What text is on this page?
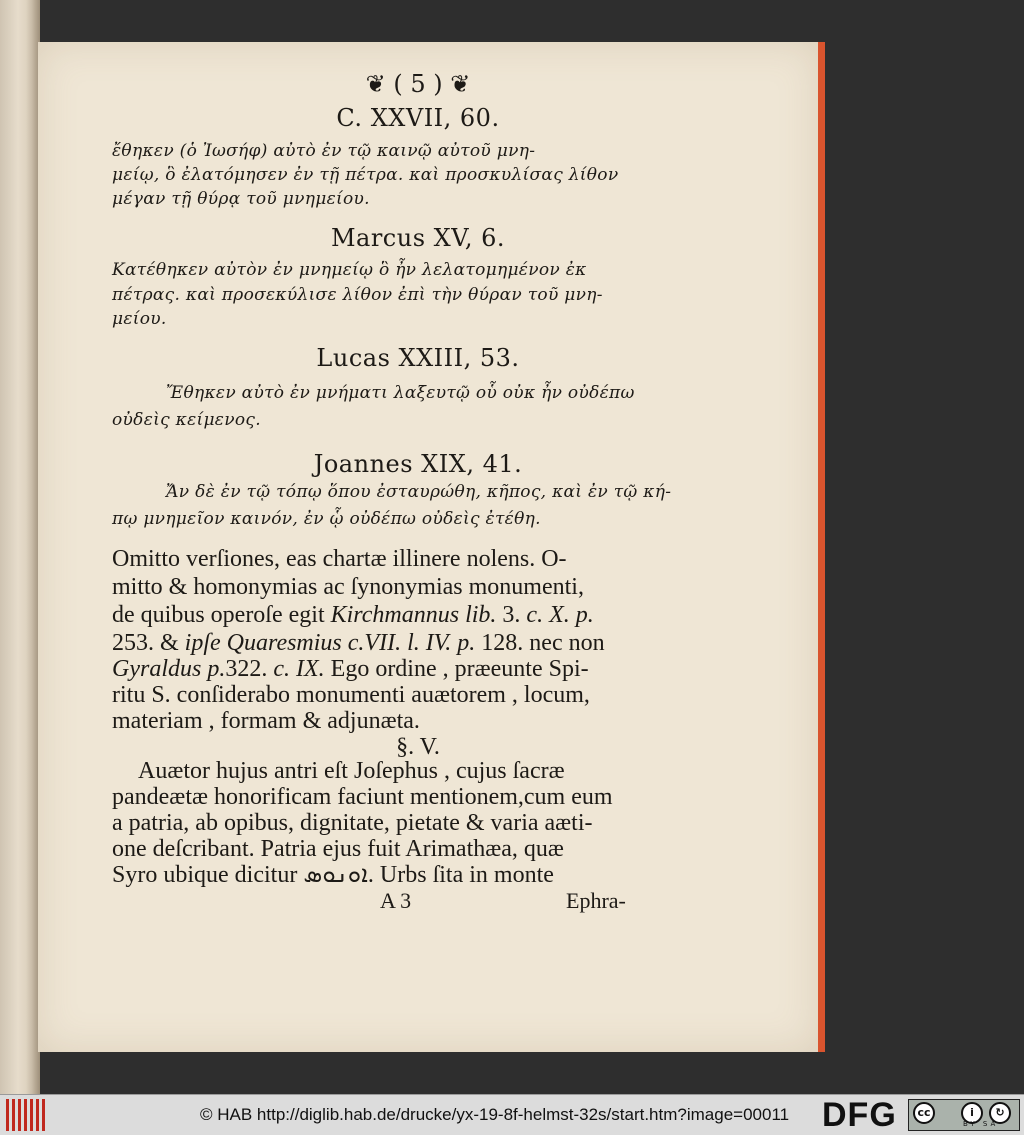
❦ ( 5 ) ❦
C. XXVII, 60.
ἔθηκεν (ὁ Ἰωσήφ) αὐτὸ ἐν τῷ καινῷ αὐτοῦ μνη-
μείῳ, ὃ ἐλατόμησεν ἐν τῇ πέτρα. καὶ προσκυλίσας λίθον
μέγαν τῇ θύρᾳ τοῦ μνημείου.
Marcus XV, 6.
Κατέθηκεν αὐτὸν ἐν μνημείῳ ὃ ἦν λελατομημένον ἐκ
πέτρας. καὶ προσεκύλισε λίθον ἐπὶ τὴν θύραν τοῦ μνη-
μείου.
Lucas XXIII, 53.
Ἔθηκεν αὐτὸ ἐν μνήματι λαξευτῷ οὗ οὐκ ἦν οὐδέπω
οὐδεὶς κείμενος.
Joannes XIX, 41.
Ἄν δὲ ἐν τῷ τόπῳ ὅπου ἐσταυρώθη, κῆπος, καὶ ἐν τῷ κή-
πῳ μνημεῖον καινόν, ἐν ᾧ οὐδέπω οὐδεὶς ἐτέθη.
Omitto verſiones, eas chartæ illinere nolens. O-
mitto & homonymias ac ſynonymias monumenti,
de quibus operoſe egit Kirchmannus lib. 3. c. X. p.
253. & ipſe Quaresmius c.VII. l. IV. p. 128. nec non
Gyraldus p.322. c. IX. Ego ordine , præeunte Spi-
ritu S. conſiderabo monumenti auætorem , locum,
materiam , formam & adjunæta.
§. V.
Auætor hujus antri eſt Joſephus , cujus ſacræ
pandeætæ honorificam faciunt mentionem,cum eum
a patria, ab opibus, dignitate, pietate & varia aæti-
one deſcribant. Patria ejus fuit Arimathæa, quæ
Syro ubique dicitur ܐܘܢܘܣ. Urbs ſita in monte
A 3	Ephra-
© HAB http://diglib.hab.de/drucke/yx-19-8f-helmst-32s/start.htm?image=00011 DFG	cc	i	↻
BY SA
